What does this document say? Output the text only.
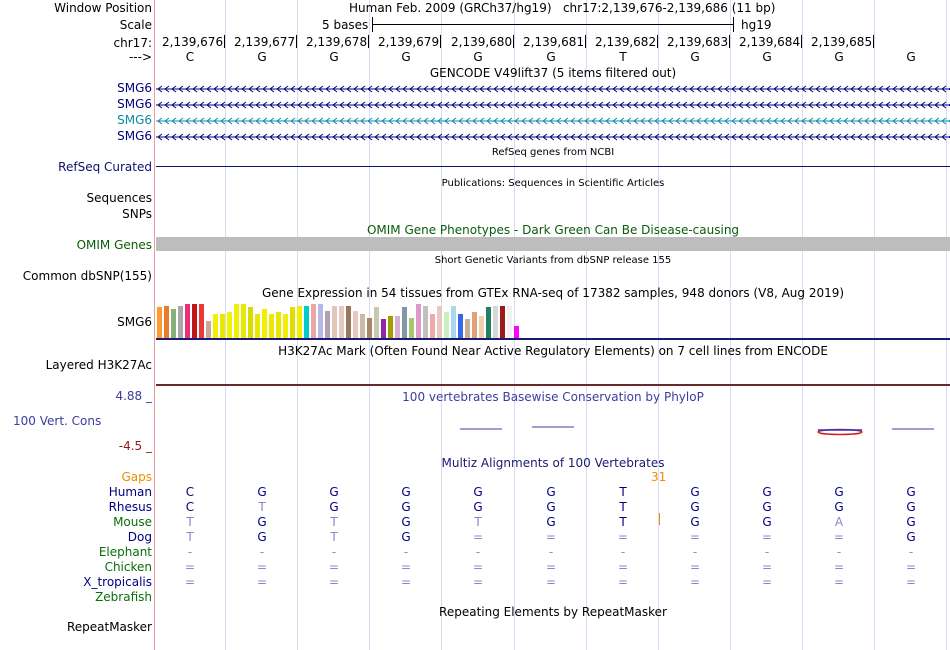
Window Position	Human Feb. 2009 (GRCh37/hg19)   chr17:2,139,676-2,139,686 (11 bp)
Scale	5 bases	hg19
chr17: 2,139,676 2,139,677 2,139,678 2,139,679 2,139,680 2,139,681 2,139,682 2,139,683 2,139,684 2,139,685
--->	C	G	G	G	G	G	T	G	G	G	G
GENCODE V49lift37 (5 items filtered out)
SMG6
SMG6
SMG6
SMG6
RefSeq genes from NCBI
RefSeq Curated
Publications: Sequences in Scientific Articles
Sequences
SNPs
OMIM Gene Phenotypes - Dark Green Can Be Disease-causing
OMIM Genes
Short Genetic Variants from dbSNP release 155
Common dbSNP(155)
Gene Expression in 54 tissues from GTEx RNA-seq of 17382 samples, 948 donors (V8, Aug 2019)
SMG6
H3K27Ac Mark (Often Found Near Active Regulatory Elements) on 7 cell lines from ENCODE
Layered H3K27Ac
100 vertebrates Basewise Conservation by PhyloP
4.88 _
100 Vert. Cons
-4.5 _
Multiz Alignments of 100 Vertebrates
Gaps	31
Human	C	G	G	G	G	G	T	G	G	G	G
Rhesus	C	T	G	G	G	G	T	G	G	G	G
Mouse	T	G	T	G	T	G	T	G	G	A	G
Dog	T	G	T	G	=	=	=	=	=	=	G
Elephant	-	-	-	-	-	-	-	-	-	-	-
Chicken	=	=	=	=	=	=	=	=	=	=	=
X_tropicalis	=	=	=	=	=	=	=	=	=	=	=
Zebrafish
Repeating Elements by RepeatMasker
RepeatMasker
